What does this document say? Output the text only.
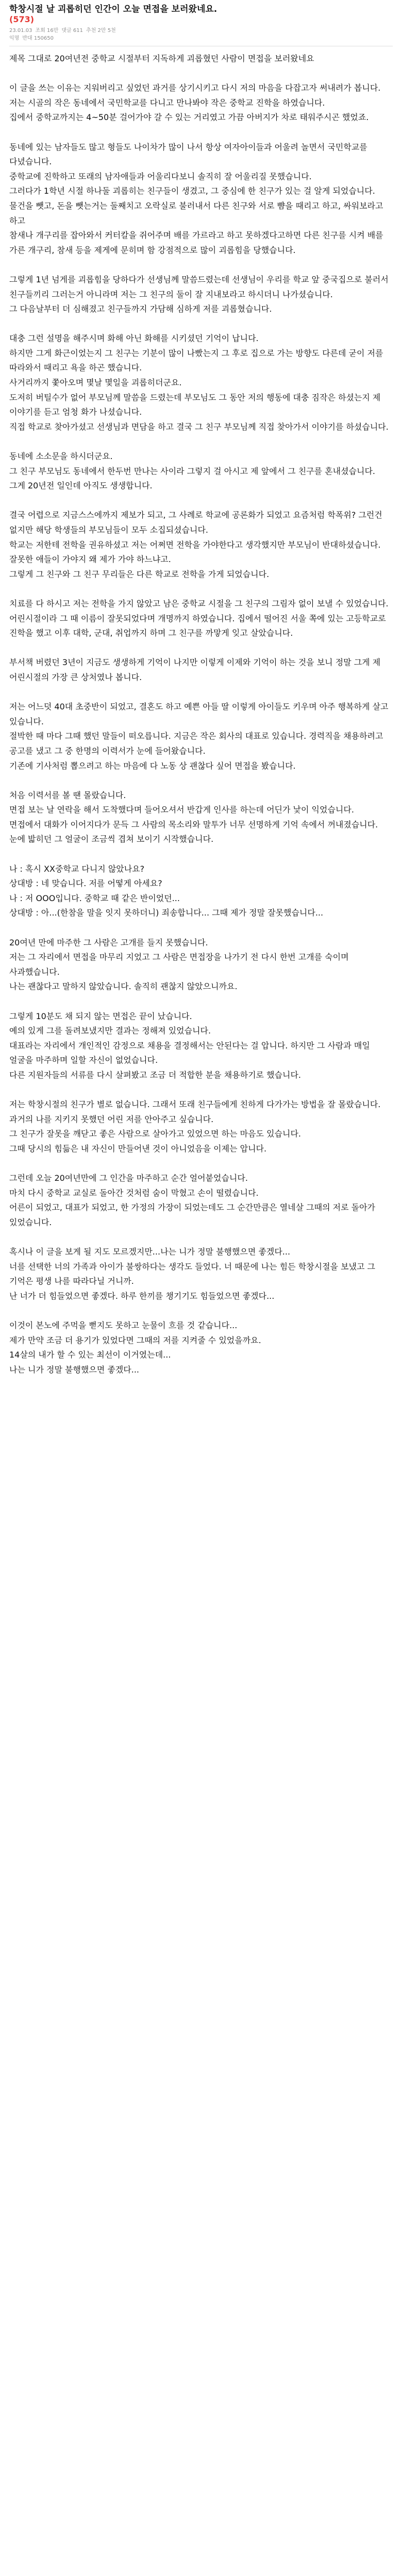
학창시절 날 괴롭히던 인간이 오늘 면접을 보러왔네요.
(573)
23.01.03 조회 16만 댓글 611 추천 2만 5천
익명 반대 150650

제목 그대로 20여년전 중학교 시절부터 지독하게 괴롭혔던 사람이 면접을 보러왔네요

이 글을 쓰는 이유는 지워버리고 싶었던 과거를 상기시키고 다시 저의 마음을 다잡고자 써내려가 봅니다.
저는 시골의 작은 동네에서 국민학교를 다니고 만나봐야 작은 중학교 진학을 하였습니다.
집에서 중학교까지는 4~50분 걸어가야 갈 수 있는 거리였고 가끔 아버지가 차로 태워주시곤 했었죠.

동네에 있는 남자들도 많고 형들도 나이차가 많이 나서 항상 여자아이들과 어울려 놀면서 국민학교를 다녔습니다.
중학교에 진학하고 또래의 남자애들과 어울리다보니 솔직히 잘 어울리질 못했습니다.
그러다가 1학년 시절 하나둘 괴롭히는 친구들이 생겼고, 그 중심에 한 친구가 있는 걸 알게 되었습니다.
물건을 뺏고, 돈을 뺏는거는 둘째치고 오락실로 불러내서 다른 친구와 서로 뺨을 때리고 하고, 싸워보라고 하고
참새나 개구리를 잡아와서 커터칼을 쥐어주며 배를 가르라고 하고 못하겠다고하면 다른 친구를 시켜 배를 가른 개구리, 참새 등을 제게에 문히며 함 강점적으로 많이 괴롭힘을 당했습니다.

그렇게 1년 넘게를 괴롭힘을 당하다가 선생님께 말씀드렸는데 선생님이 우리를 학교 앞 중국집으로 불러서 친구들끼리 그러는거 아니라며 저는 그 친구의 둘이 잘 지내보라고 하시더니 나가셨습니다.
그 다음날부터 더 심해졌고 친구들까지 가담해 심하게 저를 괴롭혔습니다.

대충 그런 설명을 해주시며 화해 아닌 화해를 시키셨던 기억이 납니다.
하지만 그게 화근이었는지 그 친구는 기분이 많이 나빴는지 그 후로 집으로 가는 방향도 다른데 굳이 저를 따라와서 때리고 욕을 하곤 했습니다.
사거리까지 쫓아오며 몇날 몇일을 괴롭히더군요.
도저히 버틸수가 없어 부모님께 말씀을 드렸는데 부모님도 그 동안 저의 행동에 대충 짐작은 하셨는지 제 이야기를 듣고 엄청 화가 나셨습니다.
직접 학교로 찾아가셨고 선생님과 면담을 하고 결국 그 친구 부모님께 직접 찾아가서 이야기를 하셨습니다.

동네에 소소문을 하시더군요.
그 친구 부모님도 동네에서 한두번 만나는 사이라 그렇지 걸 아시고 제 앞에서 그 친구를 혼내셨습니다.
그게 20년전 일인데 아직도 생생합니다.

결국 어렵으로 지금스스에까지 제보가 되고, 그 사례로 학교에 공론화가 되었고 요즘처럼 학폭위? 그런건 없지만 해당 학생들의 부모님들이 모두 소집되셨습니다.
학교는 저한테 전학을 권유하셨고 저는 어쩌면 전학을 가야한다고 생각했지만 부모님이 반대하셨습니다.
잘못한 애들이 가야지 왜 제가 가야 하느냐고.
그렇게 그 친구와 그 친구 무리들은 다른 학교로 전학을 가게 되었습니다.

치료를 다 하시고 저는 전학을 가지 않았고 남은 중학교 시절을 그 친구의 그림자 없이 보낼 수 있었습니다.
어린시절이라 그 때 이름이 잘못되었다며 개명까지 하였습니다. 집에서 떨어진 서울 쪽에 있는 고등학교로 진학을 했고 이후 대학, 군대, 취업까지 하며 그 친구를 까맣게 잊고 살았습니다.

부서책 버렸던 3년이 지금도 생생하게 기억이 나지만 이렇게 이제와 기억이 하는 것을 보니 정말 그게 제 어린시절의 가장 큰 상처였나 봅니다.

저는 어느덧 40대 초중반이 되었고, 결혼도 하고 예쁜 아들 딸 이렇게 아이들도 키우며 아주 행복하게 살고 있습니다.
절박한 때 마다 그때 했던 말들이 떠오릅니다. 지금은 작은 회사의 대표로 있습니다. 경력직을 채용하려고 공고를 냈고 그 중 한명의 이력서가 눈에 들어왔습니다.
기존에 기사처럼 뽑으려고 하는 마음에 다 노동 상 괜찮다 싶어 면접을 봤습니다.

처음 이력서를 볼 땐 몰랐습니다.
면접 보는 날 연락을 해서 도착했다며 들어오셔서 반갑게 인사를 하는데 어딘가 낯이 익었습니다.
면접에서 대화가 이어지다가 문득 그 사람의 목소리와 말투가 너무 선명하게 기억 속에서 꺼내졌습니다.
눈에 밟히던 그 얼굴이 조금씩 겹쳐 보이기 시작했습니다.

나 : 혹시 XX중학교 다니지 않았나요?
상대방 : 네 맞습니다. 저를 어떻게 아세요?
나 : 저 OOO입니다. 중학교 때 같은 반이었던...
상대방 : 아...(한참을 말을 잇지 못하더니) 죄송합니다... 그때 제가 정말 잘못했습니다...

20여년 만에 마주한 그 사람은 고개를 들지 못했습니다.
저는 그 자리에서 면접을 마무리 지었고 그 사람은 면접장을 나가기 전 다시 한번 고개를 숙이며 사과했습니다.
나는 괜찮다고 말하지 않았습니다. 솔직히 괜찮지 않았으니까요.

그렇게 10분도 채 되지 않는 면접은 끝이 났습니다.
예의 있게 그를 돌려보냈지만 결과는 정해져 있었습니다.
대표라는 자리에서 개인적인 감정으로 채용을 결정해서는 안된다는 걸 압니다. 하지만 그 사람과 매일 얼굴을 마주하며 일할 자신이 없었습니다.
다른 지원자들의 서류를 다시 살펴봤고 조금 더 적합한 분을 채용하기로 했습니다.

저는 학창시절의 친구가 별로 없습니다. 그래서 또래 친구들에게 친하게 다가가는 방법을 잘 몰랐습니다.
과거의 나를 지키지 못했던 어린 저를 안아주고 싶습니다.
그 친구가 잘못을 깨닫고 좋은 사람으로 살아가고 있었으면 하는 마음도 있습니다.
그때 당시의 힘듦은 내 자신이 만들어낸 것이 아니었음을 이제는 압니다.

그런데 오늘 20여년만에 그 인간을 마주하고 순간 얼어붙었습니다.
마치 다시 중학교 교실로 돌아간 것처럼 숨이 막혔고 손이 떨렸습니다.
어른이 되었고, 대표가 되었고, 한 가정의 가장이 되었는데도 그 순간만큼은 열네살 그때의 저로 돌아가 있었습니다.

혹시나 이 글을 보게 될 지도 모르겠지만...나는 니가 정말 불행했으면 좋겠다...
너를 선택한 너의 가족과 아이가 불쌍하다는 생각도 들었다. 너 때문에 나는 힘든 학창시절을 보냈고 그 기억은 평생 나를 따라다닐 거니까.
난 너가 더 힘들었으면 좋겠다. 하루 한끼를 챙기기도 힘들었으면 좋겠다...

이것이 본노에 주먹을 뻗지도 못하고 눈물이 흐를 것 같습니다...
제가 만약 조금 더 용기가 있었다면 그때의 저를 지켜줄 수 있었을까요.
14살의 내가 할 수 있는 최선이 이거였는데...
나는 니가 정말 불행했으면 좋겠다...
